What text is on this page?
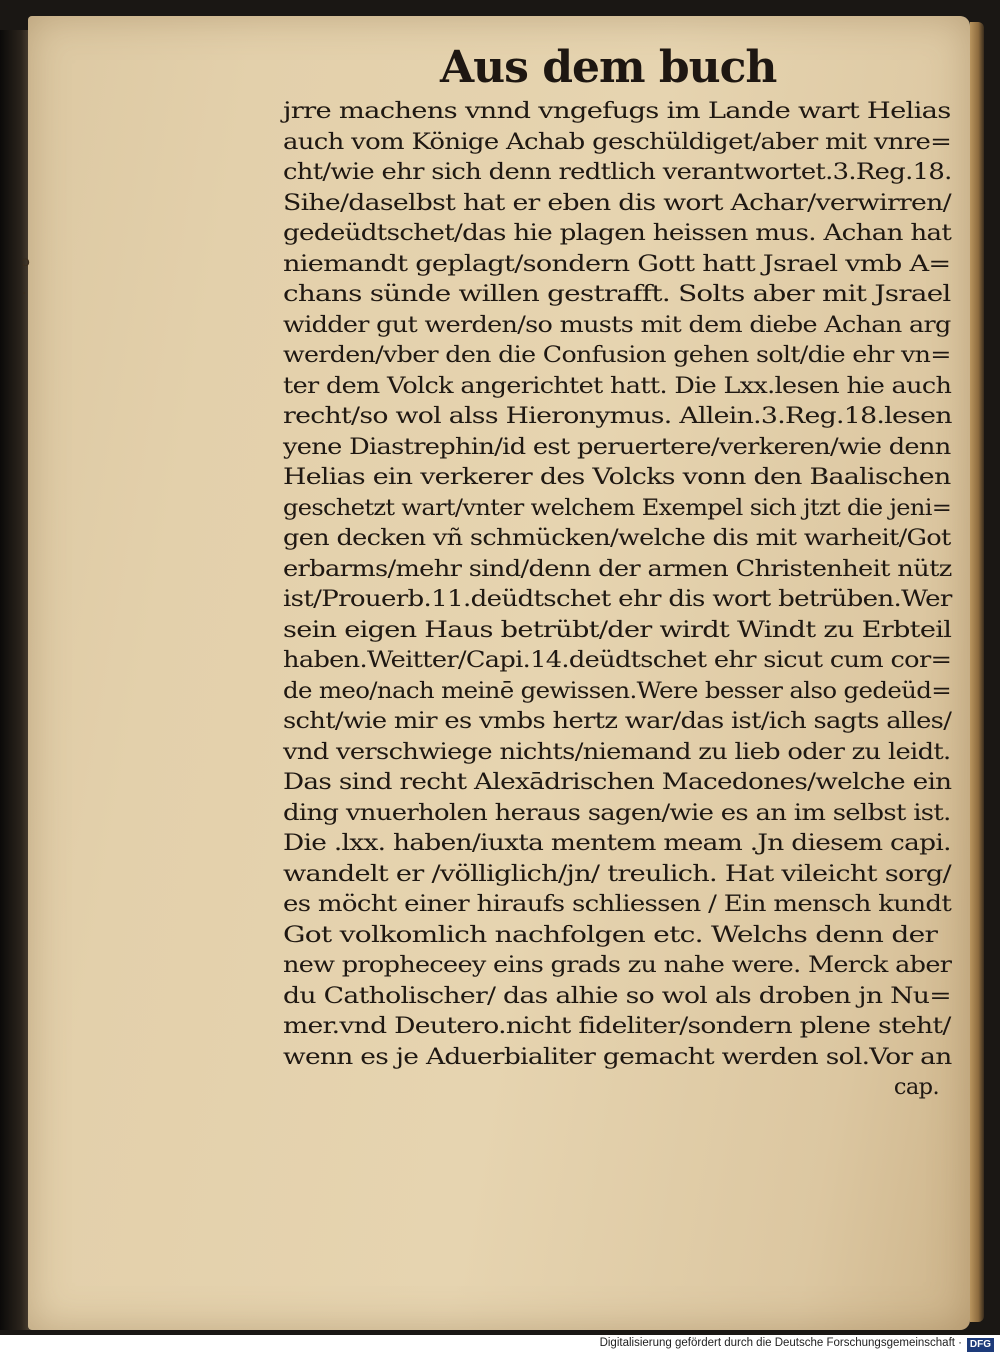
ɔ
·
Aus dem buch
jrre machens vnnd vngefugs im Lande wart Helias
auch vom Könige Achab geschüldiget/aber mit vnre=
cht/wie ehr sich denn redtlich verantwortet.3.Reg.18.
Sihe/daselbst hat er eben dis wort Achar/verwirren/
gedeüdtschet/das hie plagen heissen mus. Achan hat
niemandt geplagt/sondern Gott hatt Jsrael vmb A=
chans sünde willen gestrafft. Solts aber mit Jsrael
widder gut werden/so musts mit dem diebe Achan arg
werden/vber den die Confusion gehen solt/die ehr vn=
ter dem Volck angerichtet hatt. Die Lxx.lesen hie auch
recht/so wol alss Hieronymus. Allein.3.Reg.18.lesen
yene Diastrephin/id est peruertere/verkeren/wie denn
Helias ein verkerer des Volcks vonn den Baalischen
geschetzt wart/vnter welchem Exempel sich jtzt die jeni=
gen decken vñ schmücken/welche dis mit warheit/Got
erbarms/mehr sind/denn der armen Christenheit nütz
ist/Prouerb.11.deüdtschet ehr dis wort betrüben.Wer
sein eigen Haus betrübt/der wirdt Windt zu Erbteil
haben.Weitter/Capi.14.deüdtschet ehr sicut cum cor=
de meo/nach meinē gewissen.Were besser also gedeüd=
scht/wie mir es vmbs hertz war/das ist/ich sagts alles/
vnd verschwiege nichts/niemand zu lieb oder zu leidt.
Das sind recht Alexādrischen Macedones/welche ein
ding vnuerholen heraus sagen/wie es an im selbst ist.
Die .lxx. haben/iuxta mentem meam .Jn diesem capi.
wandelt er /völliglich/jn/ treulich. Hat vileicht sorg/
es möcht einer hiraufs schliessen / Ein mensch kundt
Got volkomlich nachfolgen etc. Welchs denn der
new propheceey eins grads zu nahe were. Merck aber
du Catholischer/ das alhie so wol als droben jn Nu=
mer.vnd Deutero.nicht fideliter/sondern plene steht/
wenn es je Aduerbialiter gemacht werden sol.Vor an
cap.
Digitalisierung gefördert durch die Deutsche Forschungsgemeinschaft · DFG
